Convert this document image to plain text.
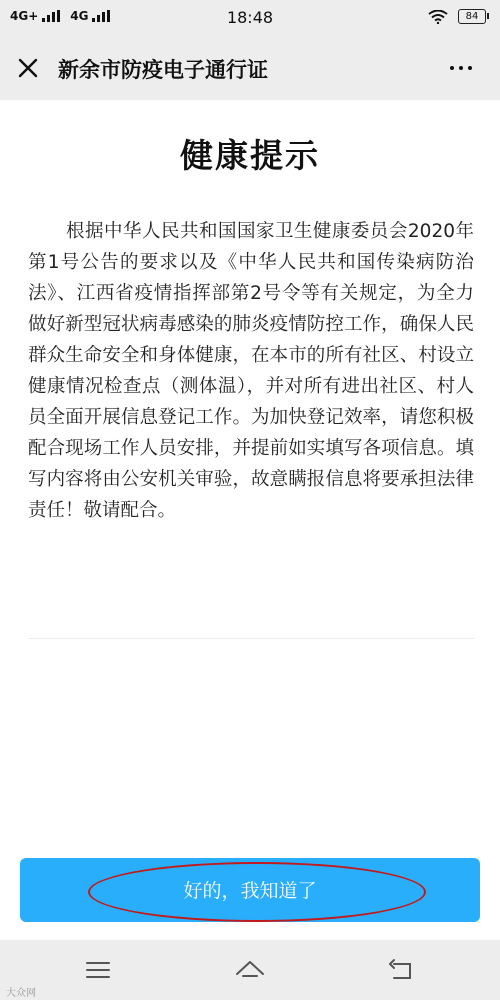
4G+	4G	18:48	84
新余市防疫电子通行证
健康提示
根据中华人民共和国国家卫生健康委员会2020年第1号公告的要求以及《中华人民共和国传染病防治法》、江西省疫情指挥部第2号令等有关规定，为全力做好新型冠状病毒感染的肺炎疫情防控工作，确保人民群众生命安全和身体健康，在本市的所有社区、村设立健康情况检查点（测体温），并对所有进出社区、村人员全面开展信息登记工作。为加快登记效率，请您积极配合现场工作人员安排，并提前如实填写各项信息。填写内容将由公安机关审验，故意瞒报信息将要承担法律责任！敬请配合。
好的，我知道了
大众网
